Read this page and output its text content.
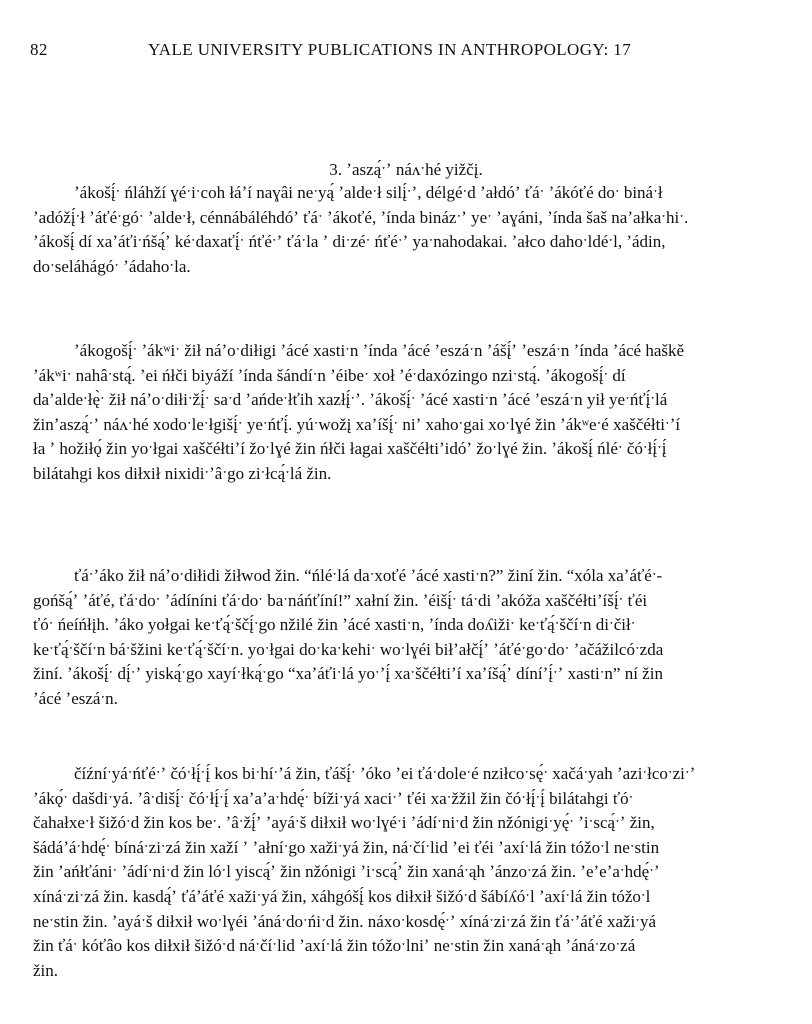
82	YALE UNIVERSITY PUBLICATIONS IN ANTHROPOLOGY: 17
3. ʼaszą́ˑʼ náʌˑhé yižčį.
ʼákošį́ˑ ńláhží ɣéˑiˑcoh łáʼí naɣâi neˑyą́ ʼaldeˑł silį́ˑʼ, délgéˑd ʼałdóʼ ťáˑ ʼákóťé doˑ bináˑł
ʼadóžį́ˑł ʼáťéˑgóˑ ʼaldeˑł, cénnábáléhdóʼ ťáˑ ʼákoťé, ʼínda binázˑʼ yeˑ ʼaɣáni, ʼínda šaš naʼałkaˑhiˑ.
ʼákošį́ dí xaʼáťiˑńšą́ʼ kéˑdaxaťį́ˑ ńťéˑʼ ťáˑla ʼ diˑzéˑ ńťéˑʼ yaˑnahodakai. ʼałco dahoˑldéˑl, ʼádin,
doˑseláhágóˑ ʼádahoˑla.
ʼákogošį́ˑ ʼákʷiˑ žił náʼoˑdiłigi ʼácé xastiˑn ʼínda ʼácé ʼeszáˑn ʼášį́ʼ ʼeszáˑn ʼínda ʼácé haškě
ʼákʷiˑ nahâˑstą́. ʼei ńłči biyáží ʼínda šándíˑn ʼéibeˑ xoł ʼéˑdaxózingo nziˑstą́. ʼákogošį́ˑ dí
daʼaldeˑłę̀ˑ žił náʼoˑdiłiˑžį́ˑ saˑd ʼańdeˑłťih xazłį́ˑʼ. ʼákošį́ˑ ʼácé xastiˑn ʼácé ʼeszáˑn yił yeˑńťį́ˑlá
žinʼaszą́ˑʼ náʌˑhé xodoˑleˑłgišį́ˑ yeˑńťį́. yúˑwožį xaʼíšį́ˑ niʼ xahoˑgai xoˑlɣé žin ʼákʷeˑé xaščéłtiˑʼí
ła ʼ hožiłǫ́ žin yoˑłgai xaščéłtiʼí žoˑlɣé žin ńłči łagai xaščéłtiʼidóʼ žoˑlɣé žin. ʼákošį́ ńléˑ čóˑłį́ˑį́
bilátahgi kos diłxił nixidiˑʼâˑgo ziˑłcą́ˑlá žin.
ťáˑʼáko žił náʼoˑdiłidi žiłwod žin. “ńléˑlá daˑxoťé ʼácé xastiˑn?” žiní žin. “xóla xaʼáťéˑ-
gońšą́ʼ ʼáťé, ťáˑdoˑ ʼádíníni ťáˑdoˑ baˑnáńťíní!” xałní žin. ʼéišį́ˑ táˑdi ʼakóža xaščéłtiʼíšį́ˑ ťéi
ťóˑ ńeíńłįh. ʼáko yołgai keˑťą́ˑščį́ˑgo nžilé žin ʼácé xastiˑn, ʼínda doʎižiˑ keˑťą́ˑščíˑn diˑčiłˑ
keˑťą́ˑščíˑn báˑšžini keˑťą́ˑščíˑn. yoˑłgai doˑkaˑkehiˑ woˑlɣéi biłʼałčį́ʼ ʼáťéˑgoˑdoˑ ʼačážilcóˑzda
žiní. ʼákošį́ˑ dį́ˑʼ yiską́ˑgo xayíˑłką́ˑgo “xaʼáťiˑlá yoˑʼį́ xaˑščéłtiʼí xaʼíšą́ʼ díníʼį́ˑʼ xastiˑn” ní žin
ʼácé ʼeszáˑn.
číźníˑyáˑńťéˑʼ čóˑłį́ˑį́ kos biˑhíˑʼá žin, ťášį́ˑ ʼóko ʼei ťáˑdoleˑé nziłcoˑsę́ˑ xačáˑyah ʼaziˑłcoˑziˑʼ
ʼákǫ́ˑ dašdiˑyá. ʼâˑdišį́ˑ čóˑłį́ˑį́ xaʼaʼaˑhdę́ˑ bížiˑyá xaciˑʼ ťéi xaˑžžil žin čóˑłį́ˑį́ bilátahgi ťóˑ
čahałxeˑł šižóˑd žin kos beˑ. ʼâˑžį́ʼ ʼayáˑš diłxił woˑlɣéˑi ʼádíˑniˑd žin nžónigiˑyę́ˑ ʼiˑscą́ˑʼ žin,
šádáʼáˑhdę́ˑ bínáˑziˑzá žin xaží ʼ ʼałníˑgo xažiˑyá žin, náˑčíˑlid ʼei ťéi ʼaxíˑlá žin tóžoˑl neˑstin
žin ʼańłťániˑ ʼádíˑniˑd žin lóˑl yiscą́ʼ žin nžónigi ʼiˑscą́ʼ žin xanáˑąh ʼánzoˑzá žin. ʼeʼeʼaˑhdę́ˑʼ
xínáˑziˑzá žin. kasdą́ʼ ťáʼáťé xažiˑyá žin, xáhgóšį́ kos diłxił šižóˑd šábíʎóˑl ʼaxíˑlá žin tóžoˑl
neˑstin žin. ʼayáˑš diłxił woˑlɣéi ʼánáˑdoˑńiˑd žin. náxoˑkosdę́ˑʼ xínáˑziˑzá žin ťáˑʼáťé xažiˑyá
žin ťáˑ kóťâo kos diłxił šižóˑd náˑčíˑlid ʼaxíˑlá žin tóžoˑlniʼ neˑstin žin xanáˑąh ʼánáˑzoˑzá
žin.
